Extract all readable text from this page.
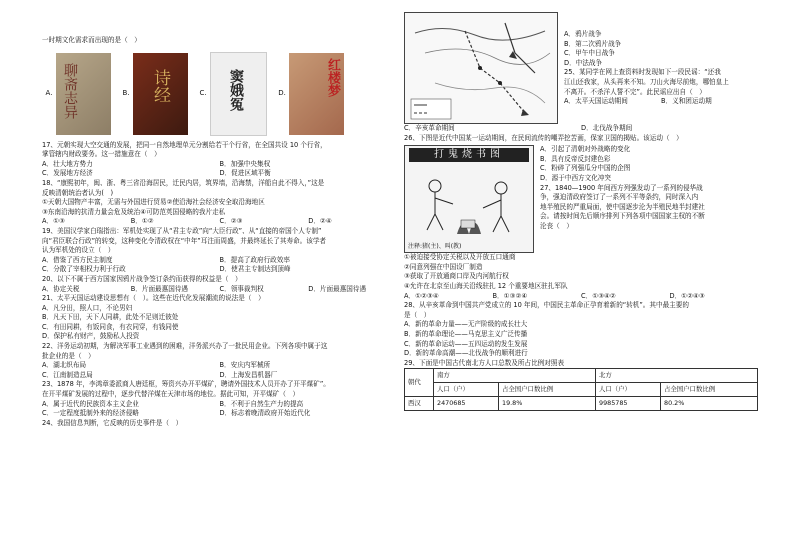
一时期文化需求而出现的是（　）
A. 聊斋志异	B. 诗经	C. 窦娥冤	D.	红楼梦
17、元朝实现大空交通的发展，把同一自然地理单元分割给若干个行省，在全国共设 10 个行省，
掌管辖内财政要务。这一措施意在（　）
A．壮大地方势力	B．加强中央集权
C．发展地方经济	D．促进区域平衡
18、“康熙初年，闽、浙、粤三省沿海居民，迁民内居，筑界墙，沿海禁，洋船自此不得入，”这是
反映清朝统治者认为(　)
①天朝大国物产丰富，无需与外国进行贸易②使沿海社会经济安全取沿海地区
③东南沿海的抗清力量会危及统治④可防范英国侵略的我片走私
A．①③	B．①②	C．②③	D．②④
19、美国汉学家白瑞指出：军机处实现了从“君主专政”向“大臣行政”、从“直接的帝国个人专制”
向“君臣联合行政”的转变，这种变化令清政权在“中年”耳注而周盛，并最终延长了其寿命。该学者
认为军机处的设立（　）
A．借鉴了西方民主制度	B．提高了政府行政效率
C．分散了宰相权力利于行政	D．使君主专制达到顶峰
20、以下不属于西方国家因鸦片战争签订条约而获得的权益是（　）
A．协定关税	B．片面最惠国待遇	C．领事裁判权	D．片面最惠国待遇
21、太平天国运动建设思想有（　）。这些在近代化发展潮流的说法是（　）
A．凡分田，照人口，不论男妇
B．凡天下田，天下人同耕，此处不足则迁彼处
C．有田同耕，有饭同食，有衣同穿，有钱同使
D．保护私有财产，鼓励私人投资
22、洋务运动初期，为解决军事工业遇到的困难，洋务派兴办了一批民用企业。下列各项中属于这
批企业的是（　）
A．湖北织布局	B．安庆内军械所
C．江南制造总局	D．上海发昌机器厂
23、1878 年，李鸿章委派商人唐廷枢，筹资兴办开平煤矿，聘请外国技术人员开办了开平煤矿”。
在开平煤矿发展的过程中，逐步代替洋煤在天津市场的地位。据此可知，开平煤矿（　）
A．属于近代的民族资本主义企业	B．不利于自然生产力的提高
C．一定程度抵制外来的经济侵略	D．标志着晚清政府开始近代化
24、我国信息判断，它反映的历史事件是（　）
A．鸦片战争
B．第二次鸦片战争
C．甲午中日战争
D．中法战争
25、某同学在网上查资料时发现如下一段民谣：“还我
江山还我家，从头再来不知。刀山火海尽前炮，哪怕皇上
不离开。不杀洋人誓不完”。此民谣应出自（　）
A．太平天国运动期间	B．义和团运动期
C．辛亥革命期间	D．北伐战争期间
26、下图是近代中国某一运动期间，在民间流传的嘲弄挖苦画，保家卫国的揭贴。该运动（　）
打鬼烧书图
注释:猪(主)、叫(教)
A．引起了清朝对外战略的变化
B．具有反帝反封建色彩
C．粉碎了列强瓜分中国的企图
D．源于中西方文化冲突
27、1840—1900 年间西方列强发动了一系列的侵华战
争，强迫清政府签订了一系列不平等条约，同时深入内
地半殖民的严重局面，使中国逐步沦为半殖民地半封建社
会。请按时间先后顺序排列下列各项中国国家主权的不断
沦丧（　）
①被迫接受协定关税以及开放五口通商
②同意列强在中国设厂制造
③获取了开放通商口岸及内河航行权
④允许在北京至山海关沿线驻扎 12 个重要地区驻扎军队
A．①②③④	B．①③②④	C．①③④②	D．①②④③
28、从辛亥革命到中国共产党成立的 10 年间，中国民主革命正孕育着新的“转机”。其中最主要的
是（　）
A．新的革命力量——无产阶级的成长壮大
B．新的革命理论——马克思主义广泛传播
C．新的革命运动——五四运动的发生发展
D．新的革命高潮——北伐战争的顺利进行
29、下面是中国古代南北方人口总数及所占比例对照表
朝代	南方		北方	
	人口（户）	占全国户口数比例	人口（户）	占全国户口数比例
西汉	2470685	19.8%	9985785	80.2%
